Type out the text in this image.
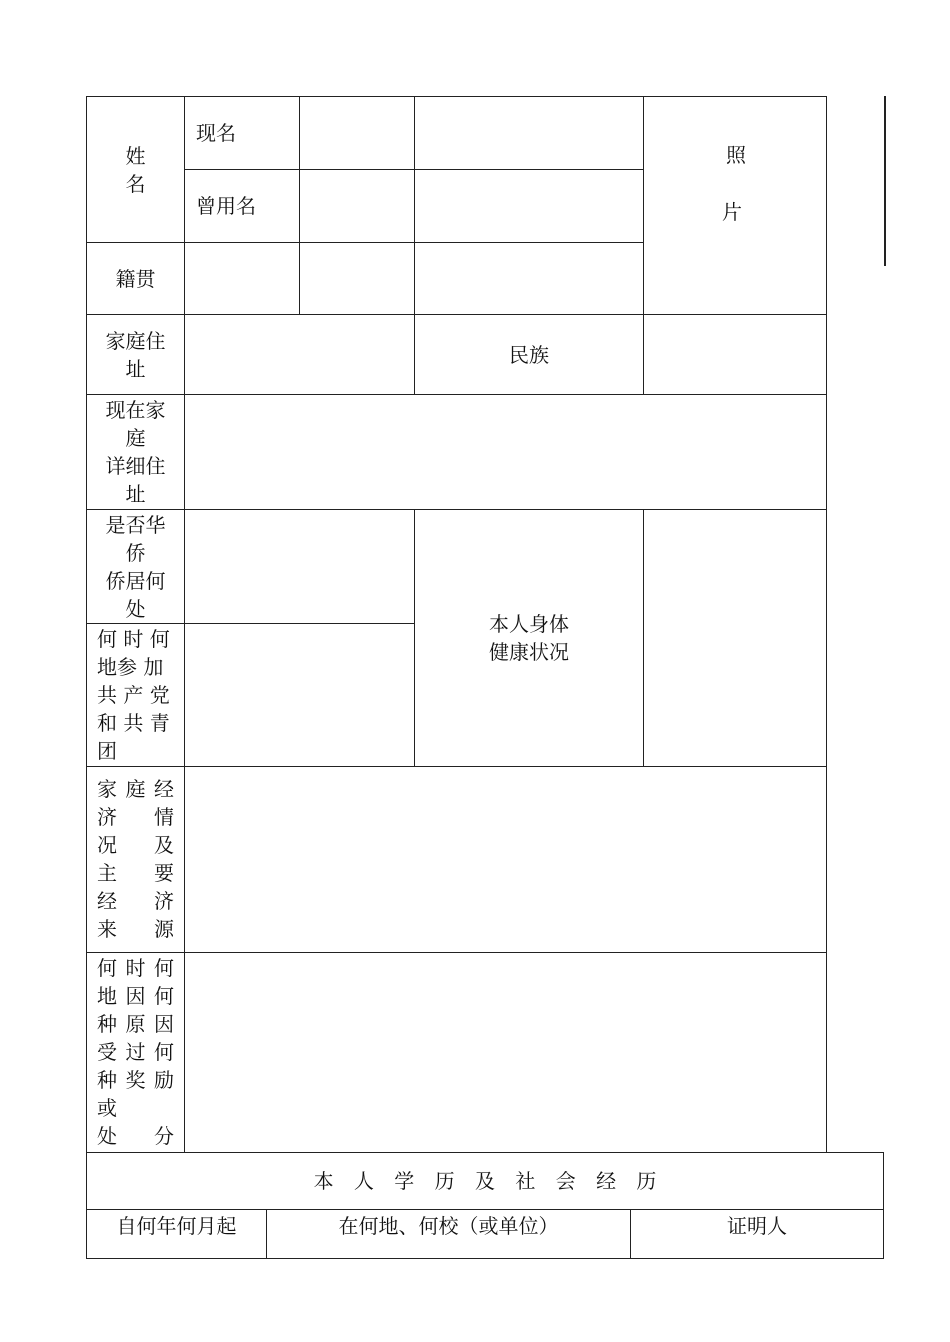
姓
名
现名
曾用名
照
片
籍贯
家庭住
址
民族
现在家
庭
详细住
址
是否华
侨
侨居何
处
何 时 何
地参 加
共 产 党
和 共 青
团
本人身体
健康状况
家庭经
济情
况及
主要
经济
来源
何时何
地因何
种原因
受过何
种奖励
或
处分
本 人 学 历 及 社 会 经 历
自何年何月起	在何地、何校（或单位）	证明人
